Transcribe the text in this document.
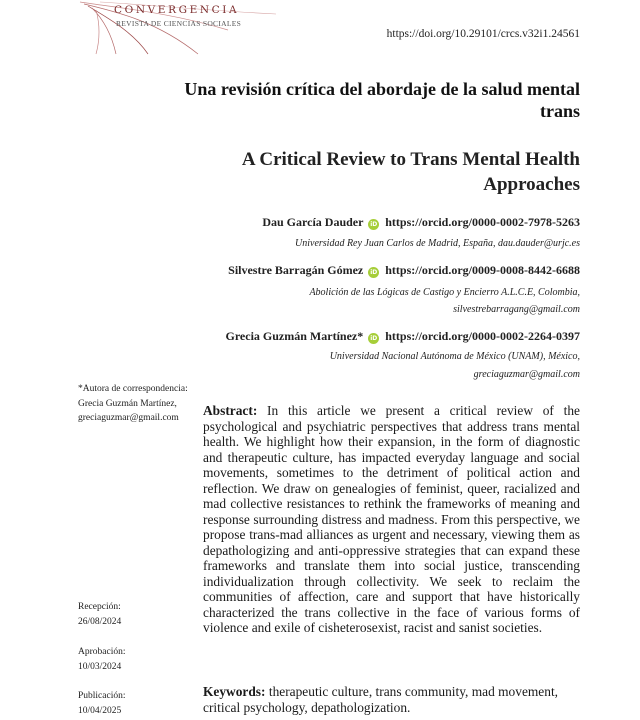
CONVERGENCIA

REVISTA DE CIENCIAS SOCIALES

https://doi.org/10.29101/crcs.v32i1.24561

Una revisión crítica del abordaje de la salud mental trans
A Critical Review to Trans Mental Health Approaches

Dau García Dauder iD https://orcid.org/0000-0002-7978-5263

Universidad Rey Juan Carlos de Madrid, España, dau.dauder@urjc.es

Silvestre Barragán Gómez iD https://orcid.org/0009-0008-8442-6688

Abolición de las Lógicas de Castigo y Encierro A.L.C.E, Colombia,

silvestrebarragang@gmail.com

Grecia Guzmán Martínez* iD https://orcid.org/0000-0002-2264-0397

Universidad Nacional Autónoma de México (UNAM), México,

greciaguzmar@gmail.com

*Autora de correspondencia:
Grecia Guzmán Martínez,
greciaguzmar@gmail.com
Recepción:
26/08/2024
Aprobación:
10/03/2024
Publicación:
10/04/2025

Abstract: In this article we present a critical review of the psychological and psychiatric perspectives that address trans mental health. We highlight how their expansion, in the form of diagnostic and therapeutic culture, has impacted everyday language and social movements, sometimes to the detriment of political action and reflection. We draw on genealogies of feminist, queer, racialized and mad collective resistances to rethink the frameworks of meaning and response surrounding distress and madness. From this perspective, we propose trans-mad alliances as urgent and necessary, viewing them as depathologizing and anti-oppressive strategies that can expand these frameworks and translate them into social justice, transcending individualization through collectivity. We seek to reclaim the communities of affection, care and support that have historically characterized the trans collective in the face of various forms of violence and exile of cisheterosexist, racist and sanist societies.

Keywords: therapeutic culture, trans community, mad movement, critical psychology, depathologization.
